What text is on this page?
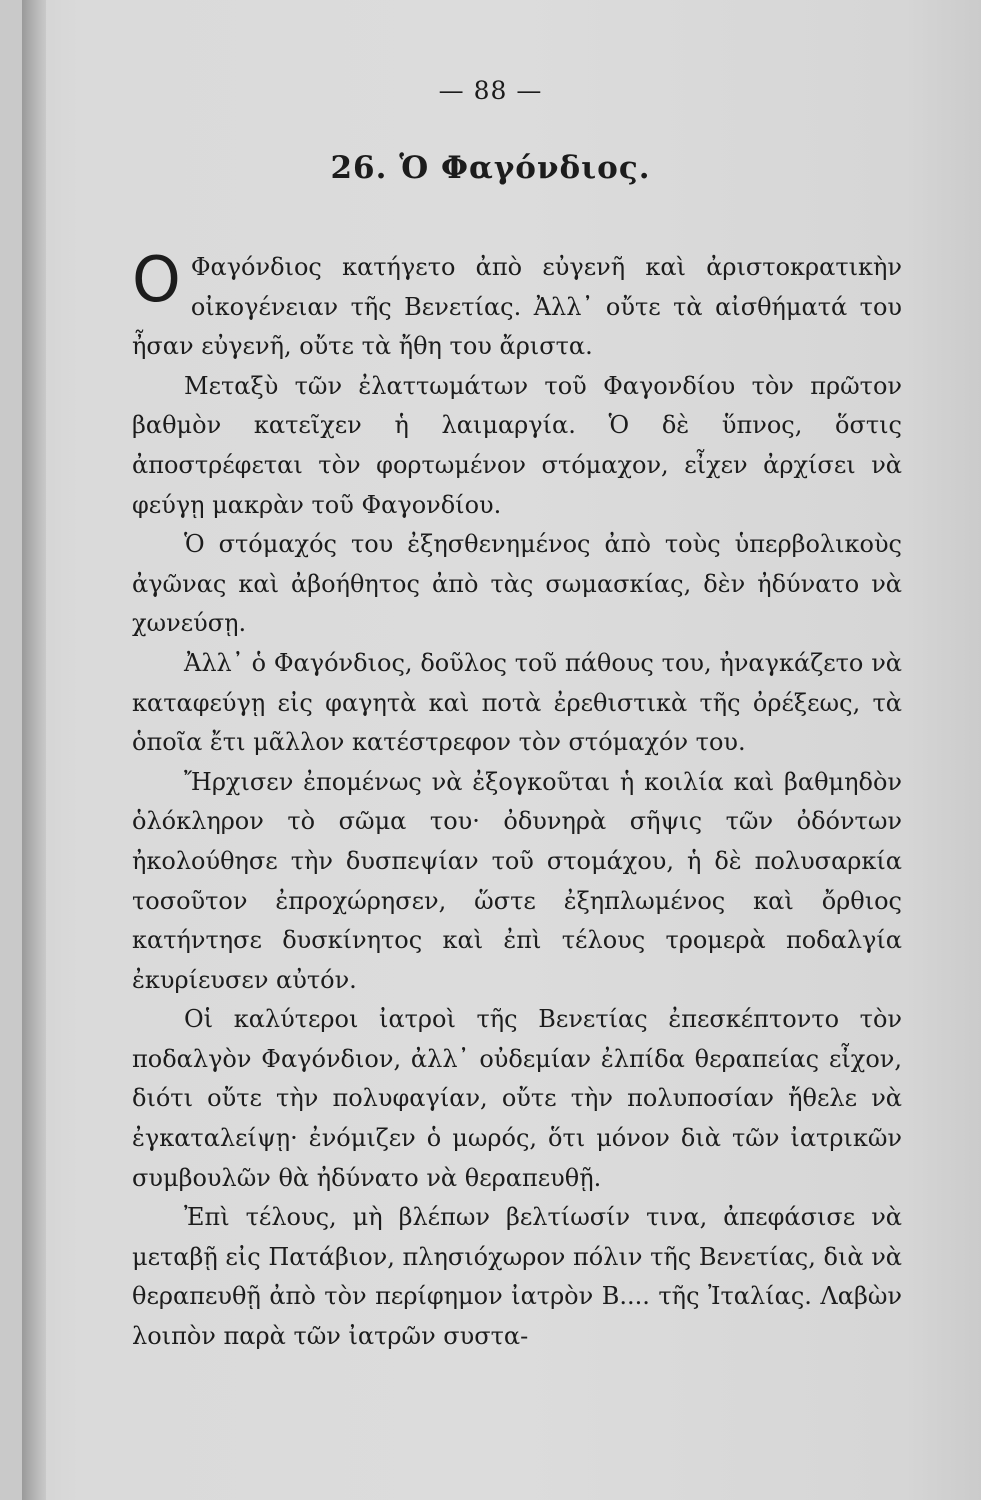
— 88 —
26. Ὁ Φαγόνδιος.

Ο Φαγόνδιος κατήγετο ἀπὸ εὐγενῆ καὶ ἀριστοκρατικὴν οἰκογένειαν τῆς Βενετίας. Ἀλλ᾿ οὔτε τὰ αἰσθήματά του ἦσαν εὐγενῆ, οὔτε τὰ ἤθη του ἄριστα.

Μεταξὺ τῶν ἐλαττωμάτων τοῦ Φαγονδίου τὸν πρῶτον βαθμὸν κατεῖχεν ἡ λαιμαργία. Ὁ δὲ ὕπνος, ὅστις ἀποστρέφεται τὸν φορτωμένον στόμαχον, εἶχεν ἀρχίσει νὰ φεύγῃ μακρὰν τοῦ Φαγονδίου.

Ὁ στόμαχός του ἐξησθενημένος ἀπὸ τοὺς ὑπερβολικοὺς ἀγῶνας καὶ ἀβοήθητος ἀπὸ τὰς σωμασκίας, δὲν ἠδύνατο νὰ χωνεύσῃ.

Ἀλλ᾿ ὁ Φαγόνδιος, δοῦλος τοῦ πάθους του, ἠναγκάζετο νὰ καταφεύγῃ εἰς φαγητὰ καὶ ποτὰ ἐρεθιστικὰ τῆς ὀρέξεως, τὰ ὁποῖα ἔτι μᾶλλον κατέστρεφον τὸν στόμαχόν του.

Ἤρχισεν ἐπομένως νὰ ἐξογκοῦται ἡ κοιλία καὶ βαθμηδὸν ὁλόκληρον τὸ σῶμα του· ὀδυνηρὰ σῆψις τῶν ὀδόντων ἠκολούθησε τὴν δυσπεψίαν τοῦ στομάχου, ἡ δὲ πολυσαρκία τοσοῦτον ἐπροχώρησεν, ὥστε ἐξηπλωμένος καὶ ὄρθιος κατήντησε δυσκίνητος καὶ ἐπὶ τέλους τρομερὰ ποδαλγία ἐκυρίευσεν αὐτόν.

Οἱ καλύτεροι ἰατροὶ τῆς Βενετίας ἐπεσκέπτοντο τὸν ποδαλγὸν Φαγόνδιον, ἀλλ᾿ οὐδεμίαν ἐλπίδα θεραπείας εἶχον, διότι οὔτε τὴν πολυφαγίαν, οὔτε τὴν πολυποσίαν ἤθελε νὰ ἐγκαταλείψῃ· ἐνόμιζεν ὁ μωρός, ὅτι μόνον διὰ τῶν ἰατρικῶν συμβουλῶν θὰ ἠδύνατο νὰ θεραπευθῇ.

Ἐπὶ τέλους, μὴ βλέπων βελτίωσίν τινα, ἀπεφάσισε νὰ μεταβῇ εἰς Πατάβιον, πλησιόχωρον πόλιν τῆς Βενετίας, διὰ νὰ θεραπευθῇ ἀπὸ τὸν περίφημον ἰατρὸν Β.... τῆς Ἰταλίας. Λαβὼν λοιπὸν παρὰ τῶν ἰατρῶν συστα-
